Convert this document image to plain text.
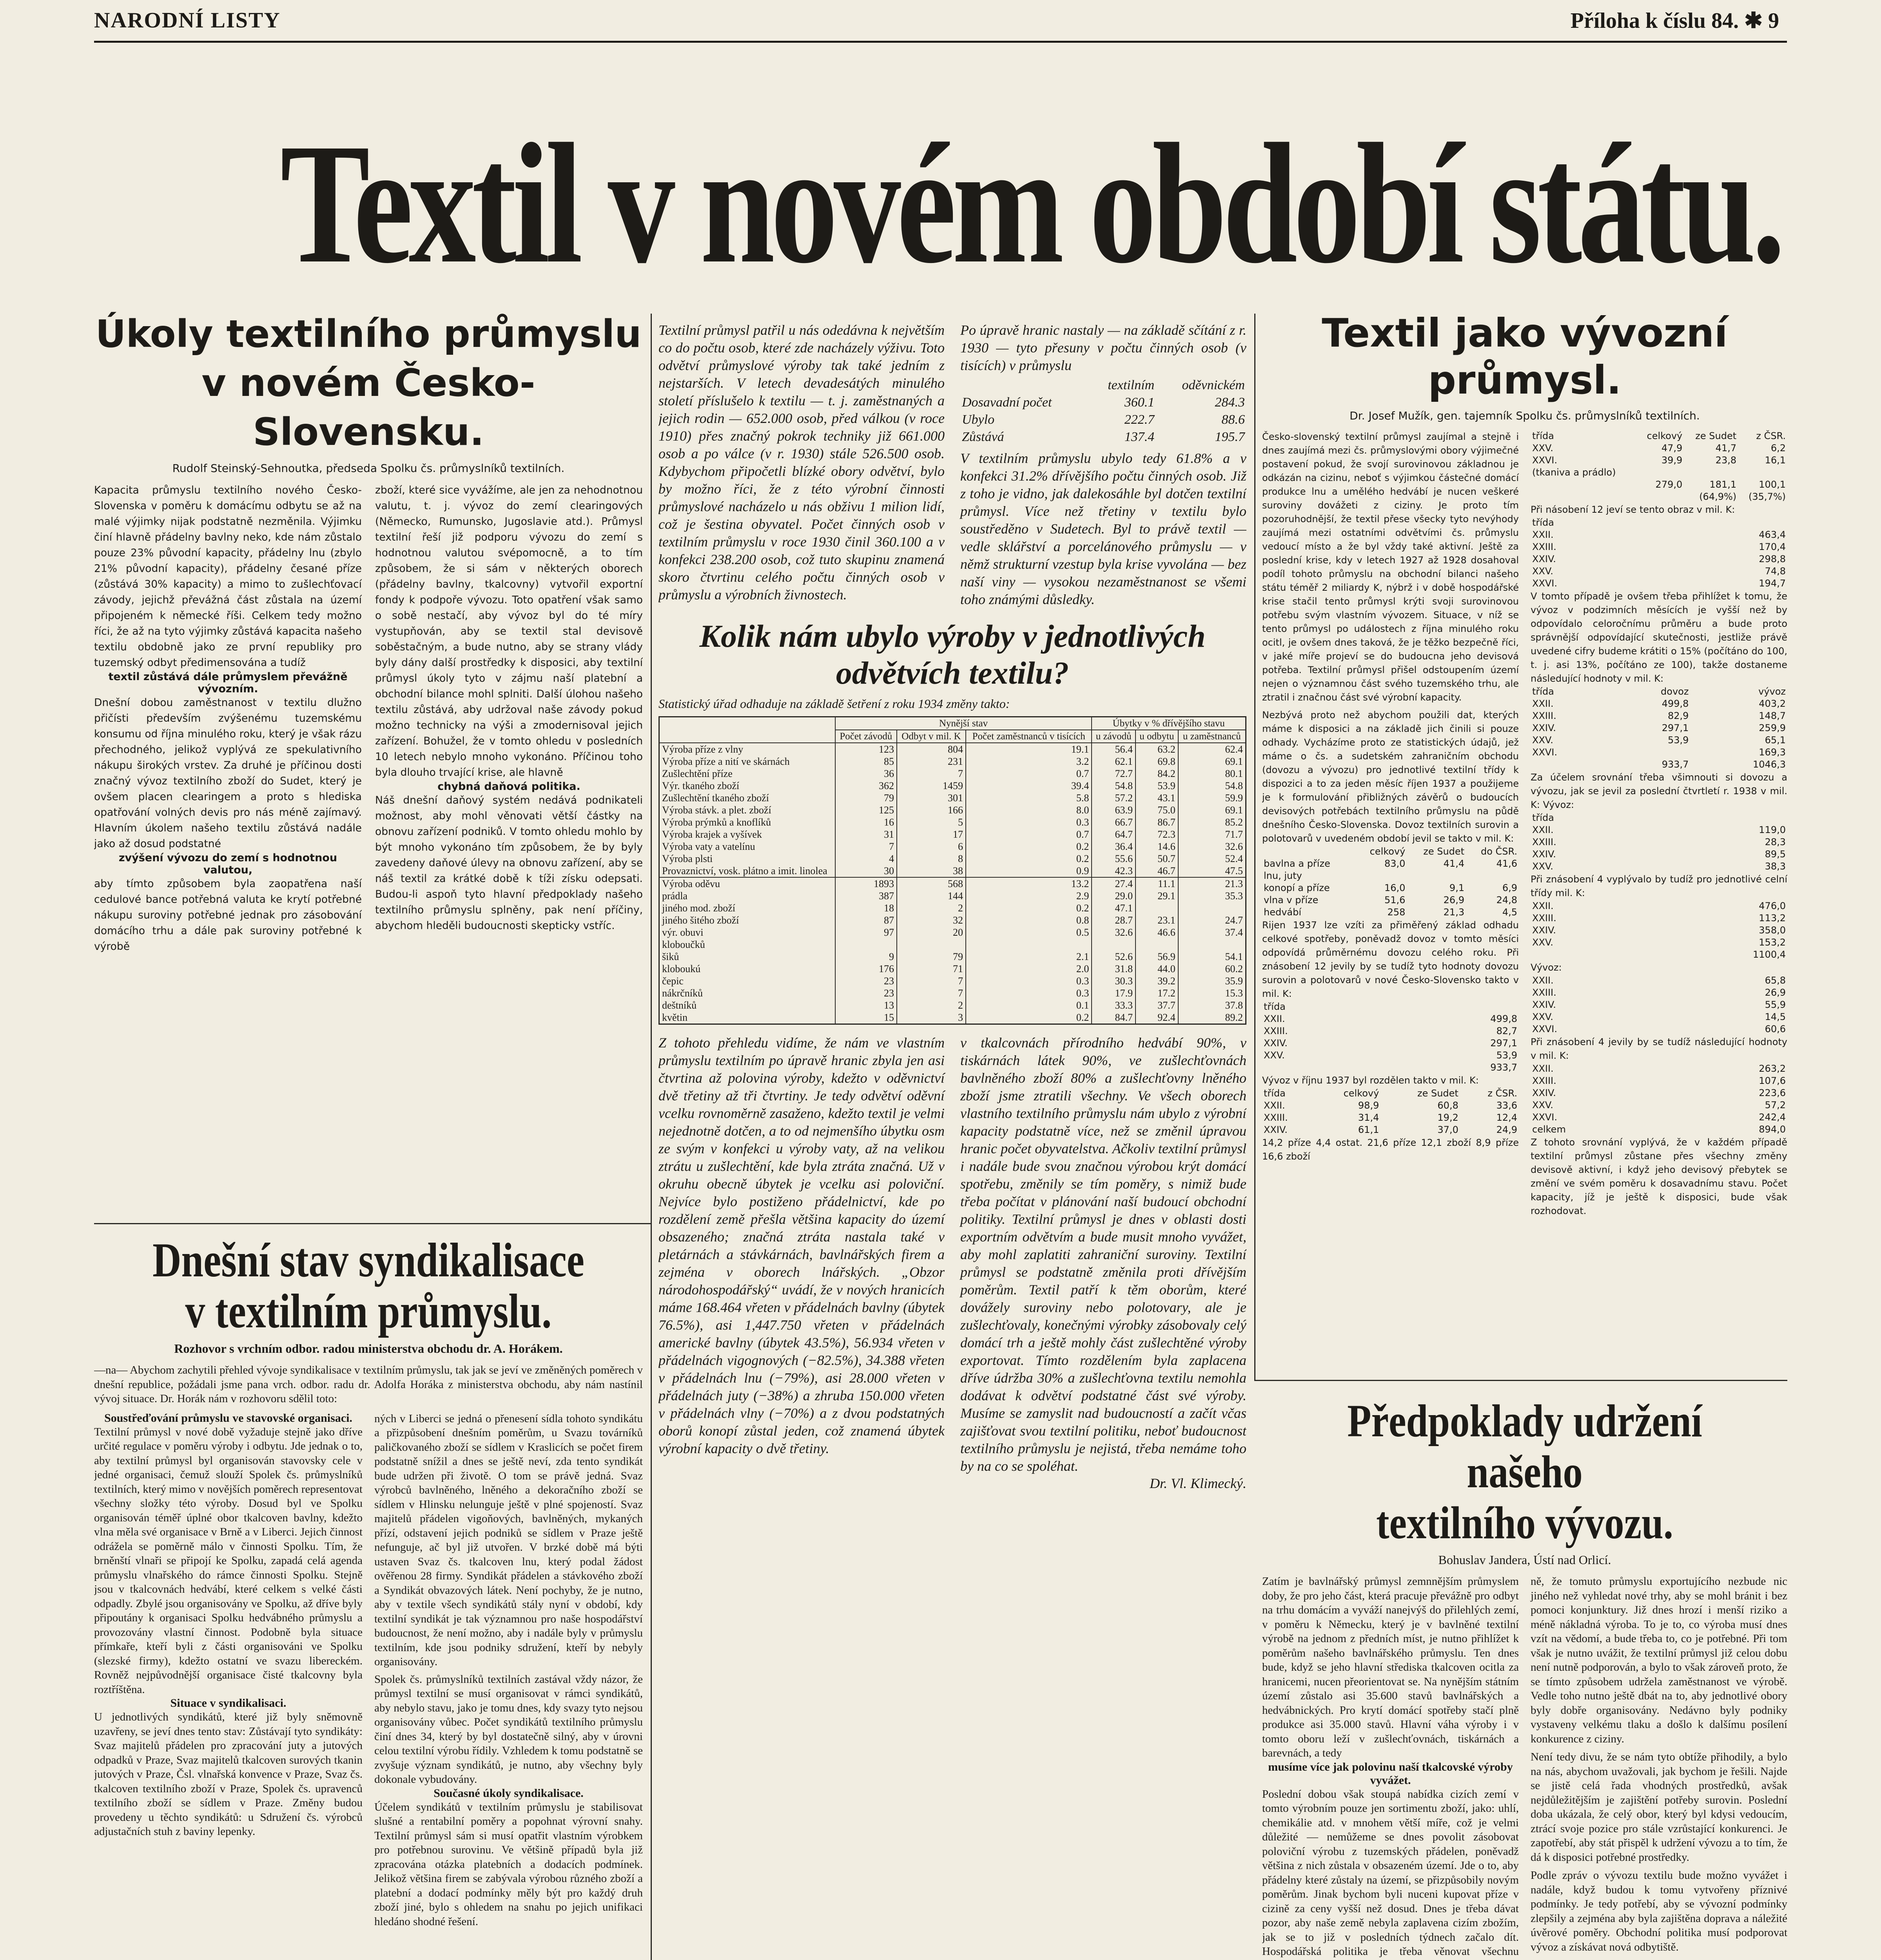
NARODNÍ LISTY	Příloha k číslu 84. ✱ 9
Textil v novém období státu.
Úkoly textilního průmyslu
v novém Česko-Slovensku.
Rudolf Steinský-Sehnoutka, předseda Spolku čs. průmyslníků textilních.

Kapacita průmyslu textilního nového Česko-Slovenska v poměru k domácímu odbytu se až na malé výjimky nijak podstatně nezměnila. Výjimku činí hlavně přádelny bavlny neko, kde nám zůstalo pouze 23% původní kapacity, přádelny lnu (zbylo 21% původní kapacity), přádelny česané příze (zůstává 30% kapacity) a mimo to zušlechťovací závody, jejichž převážná část zůstala na území připojeném k německé říši. Celkem tedy možno říci, že až na tyto výjimky zůstává kapacita našeho textilu obdobně jako ze první republiky pro tuzemský odbyt předimensována a tudíž

textil zůstává dále průmyslem převážně vývozním.

Dnešní dobou zaměstnanost v textilu dlužno přičísti především zvýšenému tuzemskému konsumu od října minulého roku, který je však rázu přechodného, jelikož vyplývá ze spekulativního nákupu širokých vrstev. Za druhé je příčinou dosti značný vývoz textilního zboží do Sudet, který je ovšem placen clearingem a proto s hlediska opatřování volných devis pro nás méně zajímavý. Hlavním úkolem našeho textilu zůstává nadále jako až dosud podstatné

zvýšení vývozu do zemí s hodnotnou valutou,

aby tímto způsobem byla zaopatřena naší cedulové bance potřebná valuta ke krytí potřebné nákupu suroviny potřebné jednak pro zásobování domácího trhu a dále pak suroviny potřebné k výrobě

zboží, které sice vyvážíme, ale jen za nehodnotnou valutu, t. j. vývoz do zemí clearingových (Německo, Rumunsko, Jugoslavie atd.). Průmysl textilní řeší již podporu vývozu do zemí s hodnotnou valutou svépomocně, a to tím způsobem, že si sám v některých oborech (přádelny bavlny, tkalcovny) vytvořil exportní fondy k podpoře vývozu. Toto opatření však samo o sobě nestačí, aby vývoz byl do té míry vystupňován, aby se textil stal devisově soběstačným, a bude nutno, aby se strany vlády byly dány další prostředky k disposici, aby textilní průmysl úkoly tyto v zájmu naší platební a obchodní bilance mohl splniti. Další úlohou našeho textilu zůstává, aby udržoval naše závody pokud možno technicky na výši a zmodernisoval jejich zařízení. Bohužel, že v tomto ohledu v posledních 10 letech nebylo mnoho vykonáno. Příčinou toho byla dlouho trvající krise, ale hlavně

chybná daňová politika.

Náš dnešní daňový systém nedává podnikateli možnost, aby mohl věnovati větší částky na obnovu zařízení podniků. V tomto ohledu mohlo by být mnoho vykonáno tím způsobem, že by byly zavedeny daňové úlevy na obnovu zařízení, aby se náš textil za krátké době k tíži získu odepsati. Budou-li aspoň tyto hlavní předpoklady našeho textilního průmyslu splněny, pak není příčiny, abychom hleděli budoucnosti skepticky vstříc.

Dnešní stav syndikalisace
v textilním průmyslu.
Rozhovor s vrchním odbor. radou ministerstva obchodu dr. A. Horákem.

—na— Abychom zachytili přehled vývoje syndikalisace v textilním průmyslu, tak jak se jeví ve změněných poměrech v dnešní republice, požádali jsme pana vrch. odbor. radu dr. Adolfa Horáka z ministerstva obchodu, aby nám nastínil vývoj situace. Dr. Horák nám v rozhovoru sdělil toto:

Soustřeďování průmyslu ve stavovské organisaci.

Textilní průmysl v nové době vyžaduje stejně jako dříve určité regulace v poměru výroby i odbytu. Jde jednak o to, aby textilní průmysl byl organisován stavovsky cele v jedné organisaci, čemuž slouží Spolek čs. průmyslníků textilních, který mimo v novějších poměrech representovat všechny složky této výroby. Dosud byl ve Spolku organisován téměř úplné obor tkalcoven bavlny, kdežto vlna měla své organisace v Brně a v Liberci. Jejich činnost odrážela se poměrně málo v činnosti Spolku. Tím, že brněnští vlnaři se připojí ke Spolku, zapadá celá agenda průmyslu vlnařského do rámce činnosti Spolku. Stejně jsou v tkalcovnách hedvábí, které celkem s velké části odpadly. Zbylé jsou organisovány ve Spolku, až dříve byly připoutány k organisaci Spolku hedvábného průmyslu a provozovány vlastní činnost. Podobně byla situace přímkaře, kteří byli z části organisováni ve Spolku (slezské firmy), kdežto ostatní ve svazu libereckém. Rovněž nejpůvodnější organisace čisté tkalcovny byla roztříštěna.

Situace v syndikalisaci.

U jednotlivých syndikátů, které již byly sněmovně uzavřeny, se jeví dnes tento stav: Zůstávají tyto syndikáty: Svaz majitelů přádelen pro zpracování juty a jutových odpadků v Praze, Svaz majitelů tkalcoven surových tkanin jutových v Praze, Čsl. vlnařská konvence v Praze, Svaz čs. tkalcoven textilního zboží v Praze, Spolek čs. upravenců textilního zboží se sídlem v Praze. Změny budou provedeny u těchto syndikátů: u Sdružení čs. výrobců adjustačních stuh z baviny lepenky.

ných v Liberci se jedná o přenesení sídla tohoto syndikátu a přizpůsobení dnešním poměrům, u Svazu továrníků paličkovaného zboží se sídlem v Kraslicích se počet firem podstatně snížil a dnes se ještě neví, zda tento syndikát bude udržen při životě. O tom se právě jedná. Svaz výrobců bavlněného, lněného a dekoračního zboží se sídlem v Hlinsku nelunguje ještě v plné spojeností. Svaz majitelů přádelen vigoňových, bavlněných, mykaných přízí, odstavení jejich podniků se sídlem v Praze ještě nefunguje, ač byl již utvořen. V brzké době má býti ustaven Svaz čs. tkalcoven lnu, který podal žádost ověřenou 28 firmy. Syndikát přádelen a stávkového zboží a Syndikát obvazových látek. Není pochyby, že je nutno, aby v textile všech syndikátů stály nyní v období, kdy textilní syndikát je tak významnou pro naše hospodářství budoucnost, že není možno, aby i nadále byly v průmyslu textilním, kde jsou podniky sdružení, kteří by nebyly organisovány.

Spolek čs. průmyslníků textilních zastával vždy názor, že průmysl textilní se musí organisovat v rámci syndikátů, aby nebylo stavu, jako je tomu dnes, kdy svazy tyto nejsou organisovány vůbec. Počet syndikátů textilního průmyslu činí dnes 34, který by byl dostatečně silný, aby v úrovni celou textilní výrobu řídily. Vzhledem k tomu podstatně se zvyšuje význam syndikátů, je nutno, aby všechny byly dokonale vybudovány.

Současné úkoly syndikalisace.

Účelem syndikátů v textilním průmyslu je stabilisovat slušné a rentabilní poměry a popohnat výrovní snahy. Textilní průmysl sám si musí opatřit vlastním výrobkem pro potřebnou surovinu. Ve většině případů byla již zpracována otázka platebních a dodacích podmínek. Jelikož většina firem se zabývala výrobou různého zboží a platební a dodací podmínky měly být pro každý druh zboží jiné, bylo s ohledem na snahu po jejich unifikaci hledáno shodné řešení.

Textilní průmysl patřil u nás odedávna k největším co do počtu osob, které zde nacházely výživu. Toto odvětví průmyslové výroby tak také jedním z nejstarších. V letech devadesátých minulého století příslušelo k textilu — t. j. zaměstnaných a jejich rodin — 652.000 osob, před válkou (v roce 1910) přes značný pokrok techniky již 661.000 osob a po válce (v r. 1930) stále 526.500 osob. Kdybychom připočetli blízké obory odvětví, bylo by možno říci, že z této výrobní činnosti průmyslové nacházelo u nás obživu 1 milion lidí, což je šestina obyvatel. Počet činných osob v textilním průmyslu v roce 1930 činil 360.100 a v konfekci 238.200 osob, což tuto skupinu znamená skoro čtvrtinu celého počtu činných osob v průmyslu a výrobních živnostech.

Po úpravě hranic nastaly — na základě sčítání z r. 1930 — tyto přesuny v počtu činných osob (v tisících) v průmyslu

	textilním	oděvnickém
Dosavadní počet	360.1	284.3
Ubylo	222.7	88.6
Zůstává	137.4	195.7

V textilním průmyslu ubylo tedy 61.8% a v konfekci 31.2% dřívějšího počtu činných osob. Již z toho je vidno, jak dalekosáhle byl dotčen textilní průmysl. Více než třetiny v textilu bylo soustředěno v Sudetech. Byl to právě textil — vedle sklářství a porcelánového průmyslu — v němž strukturní vzestup byla krise vyvolána — bez naší viny — vysokou nezaměstnanost se všemi toho známými důsledky.

Kolik nám ubylo výroby v jednotlivých odvětvích textilu?

Statistický úřad odhaduje na základě šetření z roku 1934 změny takto:

	Nynější stav			Úbytky v % dřívějšího stavu		
	Počet závodů	Odbyt v mil. K	Počet zaměstnanců v tisících	u závodů	u odbytu	u zaměstnanců
Výroba příze z vlny	123	804	19.1	56.4	63.2	62.4
Výroba příze a nití ve skárnách	85	231	3.2	62.1	69.8	69.1
Zušlechtění příze	36	7	0.7	72.7	84.2	80.1
Výr. tkaného zboží	362	1459	39.4	54.8	53.9	54.8
Zušlechtění tkaného zboží	79	301	5.8	57.2	43.1	59.9
Výroba stávk. a plet. zboží	125	166	8.0	63.9	75.0	69.1
Výroba prýmků a knoflíků	16	5	0.3	66.7	86.7	85.2
Výroba krajek a vyšívek	31	17	0.7	64.7	72.3	71.7
Výroba vaty a vatelínu	7	6	0.2	36.4	14.6	32.6
Výroba plsti	4	8	0.2	55.6	50.7	52.4
Provaznictví, vosk. plátno a imit. linolea	30	38	0.9	42.3	46.7	47.5
Výroba oděvu	1893	568	13.2	27.4	11.1	21.3
prádla	387	144	2.9	29.0	29.1	35.3
jiného mod. zboží	18	2	0.2	47.1		
jiného šitého zboží	87	32	0.8	28.7	23.1	24.7
výr. obuvi	97	20	0.5	32.6	46.6	37.4
kloboučků						
šiků	9	79	2.1	52.6	56.9	54.1
kloboukú	176	71	2.0	31.8	44.0	60.2
čepic	23	7	0.3	30.3	39.2	35.9
nákrčníků	23	7	0.3	17.9	17.2	15.3
deštníků	13	2	0.1	33.3	37.7	37.8
květin	15	3	0.2	84.7	92.4	89.2

Z tohoto přehledu vidíme, že nám ve vlastním průmyslu textilním po úpravě hranic zbyla jen asi čtvrtina až polovina výroby, kdežto v oděvnictví dvě třetiny až tři čtvrtiny. Je tedy odvětví oděvní vcelku rovnoměrně zasaženo, kdežto textil je velmi nejednotně dotčen, a to od nejmenšího úbytku osm ze svým v konfekci u výroby vaty, až na velikou ztrátu u zušlechtění, kde byla ztráta značná. Už v okruhu obecně úbytek je vcelku asi poloviční. Nejvíce bylo postiženo přádelnictví, kde po rozdělení země přešla většina kapacity do území obsazeného; značná ztráta nastala také v pletárnách a stávkárnách, bavlnářských firem a zejména v oborech lnářských. „Obzor národohospodářský“ uvádí, že v nových hranicích máme 168.464 vřeten v přádelnách bavlny (úbytek 76.5%), asi 1,447.750 vřeten v přádelnách americké bavlny (úbytek 43.5%), 56.934 vřeten v přádelnách vigognových (−82.5%), 34.388 vřeten v přádelnách lnu (−79%), asi 28.000 vřeten v přádelnách juty (−38%) a zhruba 150.000 vřeten v přádelnách vlny (−70%) a z dvou podstatných oborů konopí zůstal jeden, což znamená úbytek výrobní kapacity o dvě třetiny.

v tkalcovnách přírodního hedvábí 90%, v tiskárnách látek 90%, ve zušlechťovnách bavlněného zboží 80% a zušlechťovny lněného zboží jsme ztratili všechny. Ve všech oborech vlastního textilního průmyslu nám ubylo z výrobní kapacity podstatně více, než se změnil úpravou hranic počet obyvatelstva. Ačkoliv textilní průmysl i nadále bude svou značnou výrobou krýt domácí spotřebu, změnily se tím poměry, s nimiž bude třeba počítat v plánování naší budoucí obchodní politiky. Textilní průmysl je dnes v oblasti dosti exportním odvětvím a bude musit mnoho vyvážet, aby mohl zaplatiti zahraniční suroviny. Textilní průmysl se podstatně změnila proti dřívějším poměrům. Textil patří k těm oborům, které dovážely suroviny nebo polotovary, ale je zušlechťovaly, konečnými výrobky zásobovaly celý domácí trh a ještě mohly část zušlechtěné výroby exportovat. Tímto rozdělením byla zaplacena dříve údržba 30% a zušlechťovna textilu nemohla dodávat k odvětví podstatné část své výroby. Musíme se zamyslit nad budoucností a začít včas zajišťovat svou textilní politiku, neboť budoucnost textilního průmyslu je nejistá, třeba nemáme toho by na co se spoléhat.

Dr. Vl. Klimecký.
Textil jako vývozní průmysl.
Dr. Josef Mužík, gen. tajemník Spolku čs. průmyslníků textilních.

Česko-slovenský textilní průmysl zaujímal a stejně i dnes zaujímá mezi čs. průmyslovými obory výjimečné postavení pokud, že svojí surovinovou základnou je odkázán na cizinu, neboť s výjimkou částečné domácí produkce lnu a umělého hedvábí je nucen veškeré suroviny dovážeti z ciziny. Je proto tím pozoruhodnější, že textil přese všecky tyto nevýhody zaujímá mezi ostatními odvětvími čs. průmyslu vedoucí místo a že byl vždy také aktivní. Ještě za poslední krise, kdy v letech 1927 až 1928 dosahoval podíl tohoto průmyslu na obchodní bilanci našeho státu téměř 2 miliardy K, nýbrž i v době hospodářské krise stačil tento průmysl krýti svoji surovinovou potřebu svým vlastním vývozem. Situace, v níž se tento průmysl po událostech z října minulého roku ocitl, je ovšem dnes taková, že je těžko bezpečně říci, v jaké míře projeví se do budoucna jeho devisová potřeba. Textilní průmysl přišel odstoupením území nejen o významnou část svého tuzemského trhu, ale ztratil i značnou část své výrobní kapacity.

Nezbývá proto než abychom použili dat, kterých máme k disposici a na základě jich činili si pouze odhady. Vycházíme proto ze statistických údajů, jež máme o čs. a sudetském zahraničním obchodu (dovozu a vývozu) pro jednotlivé textilní třídy k dispozici a to za jeden měsíc říjen 1937 a použijeme je k formulování přibližných závěrů o budoucích devisových potřebách textilního průmyslu na půdě dnešního Česko-Slovenska. Dovoz textilních surovin a polotovarů v uvedeném období jevil se takto v mil. K:

	celkový	ze Sudet	do ČSR.
bavlna a příze	83,0	41,4	41,6
lnu, juty			
konopí a příze	16,0	9,1	6,9
vlna v příze	51,6	26,9	24,8
hedvábí	258	21,3	4,5

Rijen 1937 lze vzíti za přiměřený základ odhadu celkové spotřeby, poněvadž dovoz v tomto měsíci odpovídá průměrnému dovozu celého roku. Při znásobení 12 jevily by se tudíž tyto hodnoty dovozu surovin a polotovarů v nové Česko-Slovensko takto v mil. K:

třída	
XXII.	499,8
XXIII.	82,7
XXIV.	297,1
XXV.	53,9
	933,7

Vývoz v říjnu 1937 byl rozdělen takto v mil. K:

třída	celkový	ze Sudet	z ČSR.
XXII.	98,9	60,8	33,6
XXIII.	31,4	19,2	12,4
XXIV.	61,1	37,0	24,9

14,2 příze 4,4 ostat. 21,6 příze 12,1 zboží 8,9 příze 16,6 zboží

třída	celkový	ze Sudet	z ČSR.
XXV.	47,9	41,7	6,2
XXVI.	39,9	23,8	16,1
(tkaniva a prádlo)			
	279,0	181,1	100,1
		(64,9%)	(35,7%)

Při násobení 12 jeví se tento obraz v mil. K:

třída	
XXII.	463,4
XXIII.	170,4
XXIV.	298,8
XXV.	74,8
XXVI.	194,7

V tomto případě je ovšem třeba přihlížet k tomu, že vývoz v podzimních měsících je vyšší než by odpovídalo celoročnímu průměru a bude proto správnější odpovídající skutečnosti, jestliže právě uvedené cifry budeme krátiti o 15% (počítáno do 100, t. j. asi 13%, počítáno ze 100), takže dostaneme následující hodnoty v mil. K:

třída	dovoz	vývoz
XXII.	499,8	403,2
XXIII.	82,9	148,7
XXIV.	297,1	259,9
XXV.	53,9	65,1
XXVI.		169,3
	933,7	1046,3

Za účelem srovnání třeba všimnouti si dovozu a vývozu, jak se jevil za poslední čtvrtletí r. 1938 v mil. K: Vývoz:

třída	
XXII.	119,0
XXIII.	28,3
XXIV.	89,5
XXV.	38,3

Při znásobení 4 vyplývalo by tudíž pro jednotlivé celní třídy mil. K:

XXII.	476,0
XXIII.	113,2
XXIV.	358,0
XXV.	153,2
	1100,4

Vývoz:

XXII.	65,8
XXIII.	26,9
XXIV.	55,9
XXV.	14,5
XXVI.	60,6

Při znásobení 4 jevily by se tudíž následující hodnoty v mil. K:

XXII.	263,2
XXIII.	107,6
XXIV.	223,6
XXV.	57,2
XXVI.	242,4
celkem	894,0

Z tohoto srovnání vyplývá, že v každém případě textilní průmysl zůstane přes všechny změny devisově aktivní, i když jeho devisový přebytek se změní ve svém poměru k dosavadnímu stavu. Počet kapacity, jíž je ještě k disposici, bude však rozhodovat.

Předpoklady udržení našeho
textilního vývozu.
Bohuslav Jandera, Ústí nad Orlicí.

Zatím je bavlnářský průmysl zemnnějším průmyslem doby, že pro jeho část, která pracuje převážně pro odbyt na trhu domácím a vyváží nanejvýš do přilehlých zemí, v poměru k Německu, který je v bavlněné textilní výrobě na jednom z předních míst, je nutno přihlížet k poměrům našeho bavlnářského průmyslu. Ten dnes bude, když se jeho hlavní střediska tkalcoven ocitla za hranicemi, nucen přeorientovat se. Na nynějším státním území zůstalo asi 35.600 stavů bavlnářských a hedvábnických. Pro krytí domácí spotřeby stačí plně produkce asi 35.000 stavů. Hlavní váha výroby i v tomto oboru leží v zušlechťovnách, tiskárnách a barevnách, a tedy

musíme více jak polovinu naší tkalcovské výroby vyvážet.

Poslední dobou však stoupá nabídka cizích zemí v tomto výrobním pouze jen sortimentu zboží, jako: uhlí, chemikálie atd. v mnohem větší míře, což je velmi důležité — nemůžeme se dnes povolit zásobovat poloviční výrobu z tuzemských přádelen, poněvadž většina z nich zůstala v obsazeném území. Jde o to, aby přádelny které zůstaly na území, se přizpůsobily novým poměrům. Jinak bychom byli nuceni kupovat příze v cizině za ceny vyšší než dosud. Dnes je třeba dávat pozor, aby naše země nebyla zaplavena cizím zbožím, jak se to již v posledních týdnech začalo dít. Hospodářská politika je třeba věnovat všechnu

ně, že tomuto průmyslu exportujícího nezbude nic jiného než vyhledat nové trhy, aby se mohl bránit i bez pomoci konjunktury. Již dnes hrozí i menší riziko a méně nákladná výroba. To je to, co výroba musí dnes vzít na vědomí, a bude třeba to, co je potřebné. Při tom však je nutno uvážit, že textilní průmysl již celou dobu není nutně podporován, a bylo to však zároveň proto, že se tímto způsobem udržela zaměstnanost ve výrobě. Vedle toho nutno ještě dbát na to, aby jednotlivé obory byly dobře organisovány. Nedávno byly podniky vystaveny velkému tlaku a došlo k dalšímu posílení konkurence z ciziny.

Není tedy divu, že se nám tyto obtíže přihodily, a bylo na nás, abychom uvažovali, jak bychom je řešili. Najde se jistě celá řada vhodných prostředků, avšak nejdůležitějším je zajištění potřeby surovin. Poslední doba ukázala, že celý obor, který byl kdysi vedoucím, ztrácí svoje pozice pro stále vzrůstající konkurenci. Je zapotřebí, aby stát přispěl k udržení vývozu a to tím, že dá k disposici potřebné prostředky.

Podle zpráv o vývozu textilu bude možno vyvážet i nadále, když budou k tomu vytvořeny příznivé podmínky. Je tedy potřebí, aby se vývozní podmínky zlepšily a zejména aby byla zajištěna doprava a náležité úvěrové poměry. Obchodní politika musí podporovat vývoz a získávat nová odbytiště.
